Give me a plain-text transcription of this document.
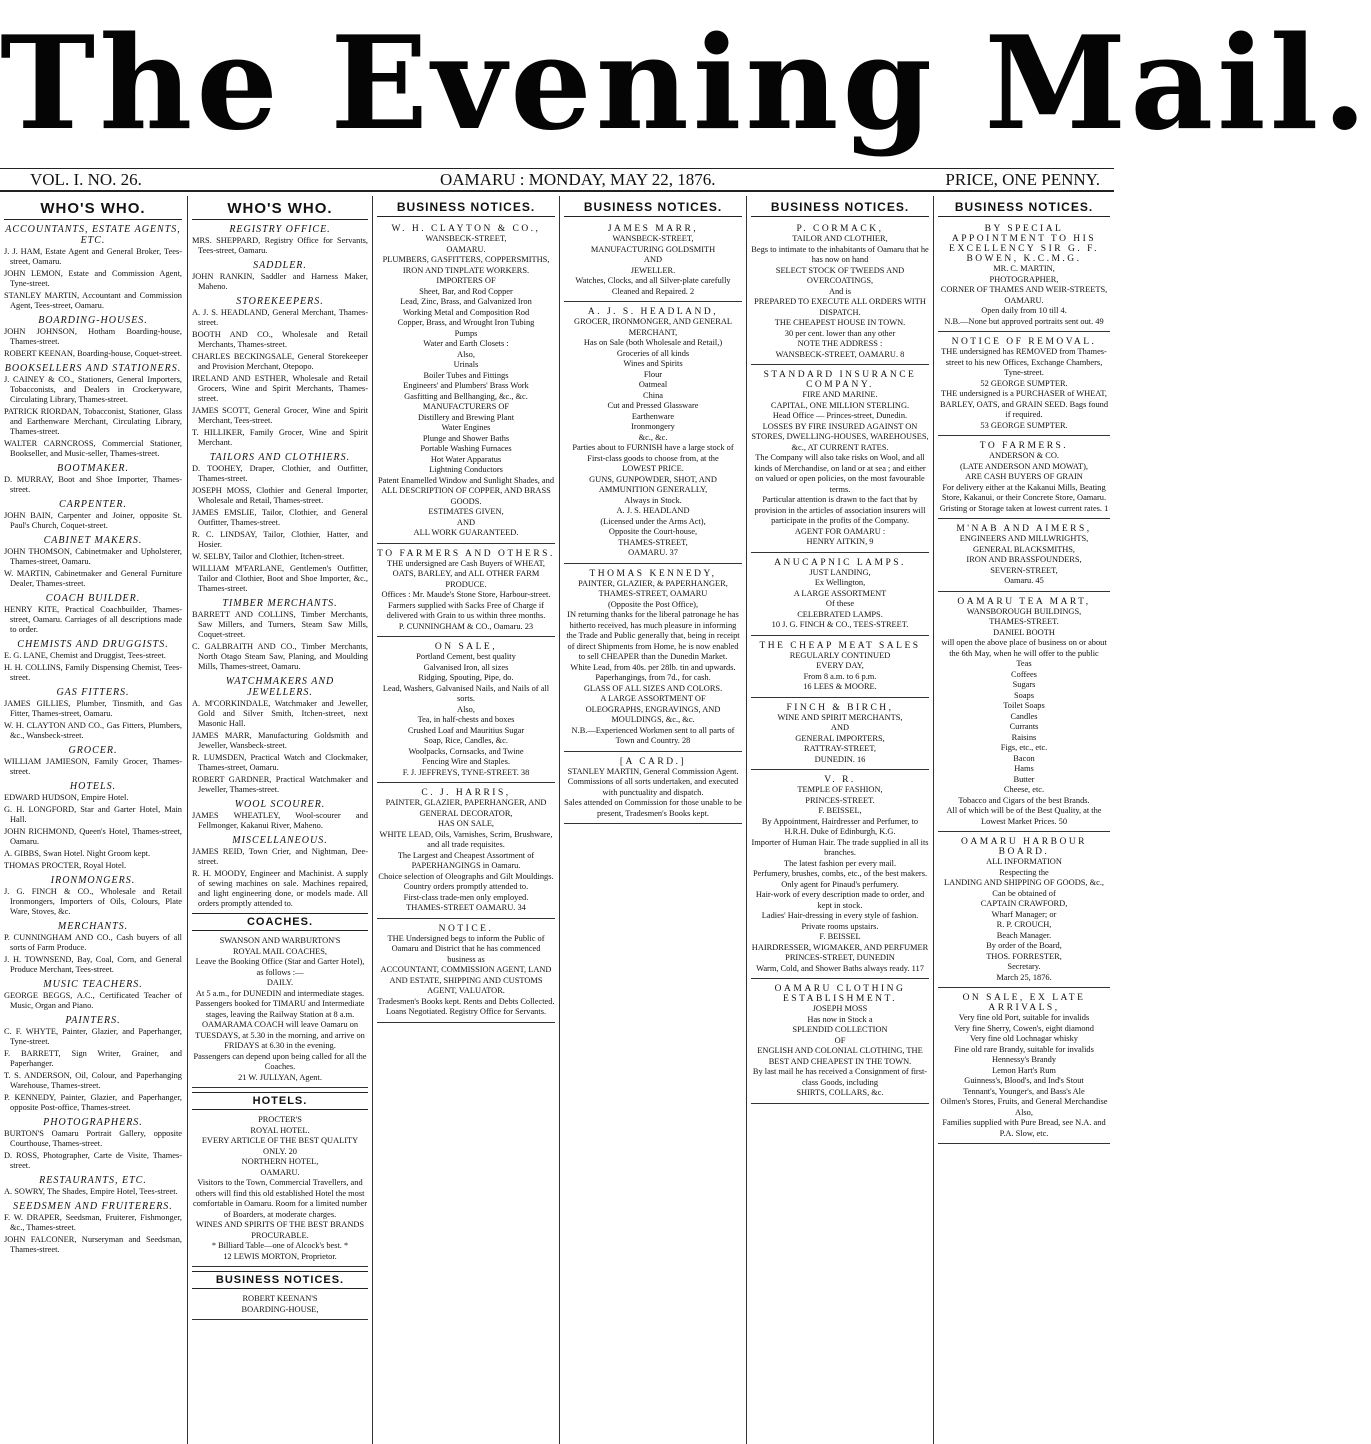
The Evening Mail.
VOL. I. NO. 26.	OAMARU : MONDAY, MAY 22, 1876.	PRICE, ONE PENNY.
WHO'S WHO.
ACCOUNTANTS, ESTATE AGENTS, ETC.

J. J. HAM, Estate Agent and General Broker, Tees-street, Oamaru.

JOHN LEMON, Estate and Commission Agent, Tyne-street.

STANLEY MARTIN, Accountant and Commission Agent, Tees-street, Oamaru.

BOARDING-HOUSES.

JOHN JOHNSON, Hotham Boarding-house, Thames-street.

ROBERT KEENAN, Boarding-house, Coquet-street.

BOOKSELLERS AND STATIONERS.

J. CAINEY & CO., Stationers, General Importers, Tobacconists, and Dealers in Crockeryware, Circulating Library, Thames-street.

PATRICK RIORDAN, Tobacconist, Stationer, Glass and Earthenware Merchant, Circulating Library, Thames-street.

WALTER CARNCROSS, Commercial Stationer, Bookseller, and Music-seller, Thames-street.

BOOTMAKER.

D. MURRAY, Boot and Shoe Importer, Thames-street.

CARPENTER.

JOHN BAIN, Carpenter and Joiner, opposite St. Paul's Church, Coquet-street.

CABINET MAKERS.

JOHN THOMSON, Cabinetmaker and Upholsterer, Thames-street, Oamaru.

W. MARTIN, Cabinetmaker and General Furniture Dealer, Thames-street.

COACH BUILDER.

HENRY KITE, Practical Coachbuilder, Thames-street, Oamaru. Carriages of all descriptions made to order.

CHEMISTS AND DRUGGISTS.

E. G. LANE, Chemist and Druggist, Tees-street.

H. H. COLLINS, Family Dispensing Chemist, Tees-street.

GAS FITTERS.

JAMES GILLIES, Plumber, Tinsmith, and Gas Fitter, Thames-street, Oamaru.

W. H. CLAYTON AND CO., Gas Fitters, Plumbers, &c., Wansbeck-street.

GROCER.

WILLIAM JAMIESON, Family Grocer, Thames-street.

HOTELS.

EDWARD HUDSON, Empire Hotel.

G. H. LONGFORD, Star and Garter Hotel, Main Hall.

JOHN RICHMOND, Queen's Hotel, Thames-street, Oamaru.

A. GIBBS, Swan Hotel. Night Groom kept.

THOMAS PROCTER, Royal Hotel.

IRONMONGERS.

J. G. FINCH & CO., Wholesale and Retail Ironmongers, Importers of Oils, Colours, Plate Ware, Stoves, &c.

MERCHANTS.

P. CUNNINGHAM AND CO., Cash buyers of all sorts of Farm Produce.

J. H. TOWNSEND, Bay, Coal, Corn, and General Produce Merchant, Tees-street.

MUSIC TEACHERS.

GEORGE BEGGS, A.C., Certificated Teacher of Music, Organ and Piano.

PAINTERS.

C. F. WHYTE, Painter, Glazier, and Paperhanger, Tyne-street.

F. BARRETT, Sign Writer, Grainer, and Paperhanger.

T. S. ANDERSON, Oil, Colour, and Paperhanging Warehouse, Thames-street.

P. KENNEDY, Painter, Glazier, and Paperhanger, opposite Post-office, Thames-street.

PHOTOGRAPHERS.

BURTON'S Oamaru Portrait Gallery, opposite Courthouse, Thames-street.

D. ROSS, Photographer, Carte de Visite, Thames-street.

RESTAURANTS, ETC.

A. SOWRY, The Shades, Empire Hotel, Tees-street.

SEEDSMEN AND FRUITERERS.

F. W. DRAPER, Seedsman, Fruiterer, Fishmonger, &c., Thames-street.

JOHN FALCONER, Nurseryman and Seedsman, Thames-street.

WHO'S WHO.
REGISTRY OFFICE.

MRS. SHEPPARD, Registry Office for Servants, Tees-street, Oamaru.

SADDLER.

JOHN RANKIN, Saddler and Harness Maker, Maheno.

STOREKEEPERS.

A. J. S. HEADLAND, General Merchant, Thames-street.

BOOTH AND CO., Wholesale and Retail Merchants, Thames-street.

CHARLES BECKINGSALE, General Storekeeper and Provision Merchant, Otepopo.

IRELAND AND ESTHER, Wholesale and Retail Grocers, Wine and Spirit Merchants, Thames-street.

JAMES SCOTT, General Grocer, Wine and Spirit Merchant, Tees-street.

T. HILLIKER, Family Grocer, Wine and Spirit Merchant.

TAILORS AND CLOTHIERS.

D. TOOHEY, Draper, Clothier, and Outfitter, Thames-street.

JOSEPH MOSS, Clothier and General Importer, Wholesale and Retail, Thames-street.

JAMES EMSLIE, Tailor, Clothier, and General Outfitter, Thames-street.

R. C. LINDSAY, Tailor, Clothier, Hatter, and Hosier.

W. SELBY, Tailor and Clothier, Itchen-street.

WILLIAM M'FARLANE, Gentlemen's Outfitter, Tailor and Clothier, Boot and Shoe Importer, &c., Thames-street.

TIMBER MERCHANTS.

BARRETT AND COLLINS, Timber Merchants, Saw Millers, and Turners, Steam Saw Mills, Coquet-street.

C. GALBRAITH AND CO., Timber Merchants, North Otago Steam Saw, Planing, and Moulding Mills, Thames-street, Oamaru.

WATCHMAKERS AND JEWELLERS.

A. M'CORKINDALE, Watchmaker and Jeweller, Gold and Silver Smith, Itchen-street, next Masonic Hall.

JAMES MARR, Manufacturing Goldsmith and Jeweller, Wansbeck-street.

R. LUMSDEN, Practical Watch and Clockmaker, Thames-street, Oamaru.

ROBERT GARDNER, Practical Watchmaker and Jeweller, Thames-street.

WOOL SCOURER.

JAMES WHEATLEY, Wool-scourer and Fellmonger, Kakanui River, Maheno.

MISCELLANEOUS.

JAMES REID, Town Crier, and Nightman, Dee-street.

R. H. MOODY, Engineer and Machinist. A supply of sewing machines on sale. Machines repaired, and light engineering done, or models made. All orders promptly attended to.

COACHES.
SWANSON AND WARBURTON'S
ROYAL MAIL COACHES,
Leave the Booking Office (Star and Garter Hotel), as follows :—
DAILY.
At 5 a.m., for DUNEDIN and intermediate stages.
Passengers booked for TIMARU and Intermediate stages, leaving the Railway Station at 8 a.m.
OAMARAMA COACH will leave Oamaru on TUESDAYS, at 5.30 in the morning, and arrive on FRIDAYS at 6.30 in the evening.
Passengers can depend upon being called for all the Coaches.
21 W. JULLYAN, Agent.
HOTELS.
PROCTER'S
ROYAL HOTEL.
EVERY ARTICLE OF THE BEST QUALITY
ONLY. 20
NORTHERN HOTEL,
OAMARU.
Visitors to the Town, Commercial Travellers, and others will find this old established Hotel the most comfortable in Oamaru. Room for a limited number of Boarders, at moderate charges.
WINES AND SPIRITS OF THE BEST BRANDS PROCURABLE.
* Billiard Table—one of Alcock's best. *
12 LEWIS MORTON, Proprietor.
BUSINESS NOTICES.
ROBERT KEENAN'S
BOARDING-HOUSE,
BUSINESS NOTICES.
W. H. CLAYTON & CO.,
WANSBECK-STREET,
OAMARU.
PLUMBERS, GASFITTERS, COPPERSMITHS, IRON AND TINPLATE WORKERS.
IMPORTERS OF
Sheet, Bar, and Rod Copper
Lead, Zinc, Brass, and Galvanized Iron
Working Metal and Composition Rod
Copper, Brass, and Wrought Iron Tubing
Pumps
Water and Earth Closets :
Also,
Urinals
Boiler Tubes and Fittings
Engineers' and Plumbers' Brass Work
Gasfitting and Bellhanging, &c., &c.
MANUFACTURERS OF
Distillery and Brewing Plant
Water Engines
Plunge and Shower Baths
Portable Washing Furnaces
Hot Water Apparatus
Lightning Conductors
Patent Enamelled Window and Sunlight Shades, and
ALL DESCRIPTION OF COPPER, AND BRASS GOODS.
ESTIMATES GIVEN,
AND
ALL WORK GUARANTEED.
TO FARMERS AND OTHERS.
THE undersigned are Cash Buyers of WHEAT, OATS, BARLEY, and ALL OTHER FARM PRODUCE.
Offices : Mr. Maude's Stone Store, Harbour-street.
Farmers supplied with Sacks Free of Charge if delivered with Grain to us within three months.
P. CUNNINGHAM & CO., Oamaru. 23
ON SALE,
Portland Cement, best quality
Galvanised Iron, all sizes
Ridging, Spouting, Pipe, do.
Lead, Washers, Galvanised Nails, and Nails of all sorts.
Also,
Tea, in half-chests and boxes
Crushed Loaf and Mauritius Sugar
Soap, Rice, Candles, &c.
Woolpacks, Cornsacks, and Twine
Fencing Wire and Staples.
F. J. JEFFREYS, TYNE-STREET. 38
C. J. HARRIS,
PAINTER, GLAZIER, PAPERHANGER, AND GENERAL DECORATOR,
HAS ON SALE,
WHITE LEAD, Oils, Varnishes, Scrim, Brushware, and all trade requisites.
The Largest and Cheapest Assortment of PAPERHANGINGS in Oamaru.
Choice selection of Oleographs and Gilt Mouldings.
Country orders promptly attended to.
First-class trade-men only employed.
THAMES-STREET OAMARU. 34
NOTICE.
THE Undersigned begs to inform the Public of Oamaru and District that he has commenced business as
ACCOUNTANT, COMMISSION AGENT, LAND AND ESTATE, SHIPPING AND CUSTOMS AGENT, VALUATOR.
Tradesmen's Books kept. Rents and Debts Collected. Loans Negotiated. Registry Office for Servants.
BUSINESS NOTICES.
JAMES MARR,
WANSBECK-STREET,
MANUFACTURING GOLDSMITH
AND
JEWELLER.
Watches, Clocks, and all Silver-plate carefully Cleaned and Repaired. 2
A. J. S. HEADLAND,
GROCER, IRONMONGER, AND GENERAL MERCHANT,
Has on Sale (both Wholesale and Retail,)
Groceries of all kinds
Wines and Spirits
Flour
Oatmeal
China
Cut and Pressed Glassware
Earthenware
Ironmongery
&c., &c.
Parties about to FURNISH have a large stock of First-class goods to choose from, at the
LOWEST PRICE.
GUNS, GUNPOWDER, SHOT, AND AMMUNITION GENERALLY,
Always in Stock.
A. J. S. HEADLAND
(Licensed under the Arms Act),
Opposite the Court-house,
THAMES-STREET,
OAMARU. 37
THOMAS KENNEDY,
PAINTER, GLAZIER, & PAPERHANGER,
THAMES-STREET, OAMARU
(Opposite the Post Office),
IN returning thanks for the liberal patronage he has hitherto received, has much pleasure in informing the Trade and Public generally that, being in receipt of direct Shipments from Home, he is now enabled to sell CHEAPER than the Dunedin Market.
White Lead, from 40s. per 28lb. tin and upwards.
Paperhangings, from 7d., for cash.
GLASS OF ALL SIZES AND COLORS.
A LARGE ASSORTMENT OF
OLEOGRAPHS, ENGRAVINGS, AND MOULDINGS, &c., &c.
N.B.—Experienced Workmen sent to all parts of Town and Country. 28
[A CARD.]
STANLEY MARTIN, General Commission Agent. Commissions of all sorts undertaken, and executed with punctuality and dispatch.
Sales attended on Commission for those unable to be present, Tradesmen's Books kept.
BUSINESS NOTICES.
P. CORMACK,
TAILOR AND CLOTHIER,
Begs to intimate to the inhabitants of Oamaru that he has now on hand
SELECT STOCK OF TWEEDS AND OVERCOATINGS,
And is
PREPARED TO EXECUTE ALL ORDERS WITH DISPATCH.
THE CHEAPEST HOUSE IN TOWN.
30 per cent. lower than any other
NOTE THE ADDRESS :
WANSBECK-STREET, OAMARU. 8
STANDARD INSURANCE COMPANY.
FIRE AND MARINE.
CAPITAL, ONE MILLION STERLING.
Head Office — Princes-street, Dunedin.
LOSSES BY FIRE INSURED AGAINST ON STORES, DWELLING-HOUSES, WAREHOUSES, &c., AT CURRENT RATES.
The Company will also take risks on Wool, and all kinds of Merchandise, on land or at sea ; and either on valued or open policies, on the most favourable terms.
Particular attention is drawn to the fact that by provision in the articles of association insurers will participate in the profits of the Company.
AGENT FOR OAMARU :
HENRY AITKIN, 9
ANUCAPNIC LAMPS.
JUST LANDING,
Ex Wellington,
A LARGE ASSORTMENT
Of these
CELEBRATED LAMPS.
10 J. G. FINCH & CO., TEES-STREET.
THE CHEAP MEAT SALES
REGULARLY CONTINUED
EVERY DAY,
From 8 a.m. to 6 p.m.
16 LEES & MOORE.
FINCH & BIRCH,
WINE AND SPIRIT MERCHANTS,
AND
GENERAL IMPORTERS,
RATTRAY-STREET,
DUNEDIN. 16
V. R.
TEMPLE OF FASHION,
PRINCES-STREET.
F. BEISSEL,
By Appointment, Hairdresser and Perfumer, to H.R.H. Duke of Edinburgh, K.G.
Importer of Human Hair. The trade supplied in all its branches.
The latest fashion per every mail.
Perfumery, brushes, combs, etc., of the best makers.
Only agent for Pinaud's perfumery.
Hair-work of every description made to order, and kept in stock.
Ladies' Hair-dressing in every style of fashion.
Private rooms upstairs.
F. BEISSEL
HAIRDRESSER, WIGMAKER, AND PERFUMER
PRINCES-STREET, DUNEDIN
Warm, Cold, and Shower Baths always ready. 117
OAMARU CLOTHING ESTABLISHMENT.
JOSEPH MOSS
Has now in Stock a
SPLENDID COLLECTION
OF
ENGLISH AND COLONIAL CLOTHING, THE BEST AND CHEAPEST IN THE TOWN.
By last mail he has received a Consignment of first-class Goods, including
SHIRTS, COLLARS, &c.
BUSINESS NOTICES.
BY SPECIAL APPOINTMENT TO HIS EXCELLENCY SIR G. F. BOWEN, K.C.M.G.
MR. C. MARTIN,
PHOTOGRAPHER,
CORNER OF THAMES AND WEIR-STREETS, OAMARU.
Open daily from 10 till 4.
N.B.—None but approved portraits sent out. 49
NOTICE OF REMOVAL.
THE undersigned has REMOVED from Thames-street to his new Offices, Exchange Chambers, Tyne-street.
52 GEORGE SUMPTER.
THE undersigned is a PURCHASER of WHEAT, BARLEY, OATS, and GRAIN SEED. Bags found if required.
53 GEORGE SUMPTER.
TO FARMERS.
ANDERSON & CO.
(LATE ANDERSON AND MOWAT),
ARE CASH BUYERS OF GRAIN
For delivery either at the Kakanui Mills, Beating Store, Kakanui, or their Concrete Store, Oamaru.
Gristing or Storage taken at lowest current rates. 1
M'NAB AND AIMERS,
ENGINEERS AND MILLWRIGHTS,
GENERAL BLACKSMITHS,
IRON AND BRASSFOUNDERS,
SEVERN-STREET,
Oamaru. 45
OAMARU TEA MART,
WANSBOROUGH BUILDINGS,
THAMES-STREET.
DANIEL BOOTH
will open the above place of business on or about the 6th May, when he will offer to the public
Teas
Coffees
Sugars
Soaps
Toilet Soaps
Candles
Currants
Raisins
Figs, etc., etc.
Bacon
Hams
Butter
Cheese, etc.
Tobacco and Cigars of the best Brands.
All of which will be of the Best Quality, at the Lowest Market Prices. 50
OAMARU HARBOUR BOARD.
ALL INFORMATION
Respecting the
LANDING AND SHIPPING OF GOODS, &c.,
Can be obtained of
CAPTAIN CRAWFORD,
Wharf Manager; or
R. P. CROUCH,
Beach Manager.
By order of the Board,
THOS. FORRESTER,
Secretary.
March 25, 1876.
ON SALE, EX LATE ARRIVALS,
Very fine old Port, suitable for invalids
Very fine Sherry, Cowen's, eight diamond
Very fine old Lochnagar whisky
Fine old rare Brandy, suitable for invalids
Hennessy's Brandy
Lemon Hart's Rum
Guinness's, Blood's, and Ind's Stout
Tennant's, Younger's, and Bass's Ale
Oilmen's Stores, Fruits, and General Merchandise
Also,
Families supplied with Pure Bread, see N.A. and P.A. Slow, etc.
